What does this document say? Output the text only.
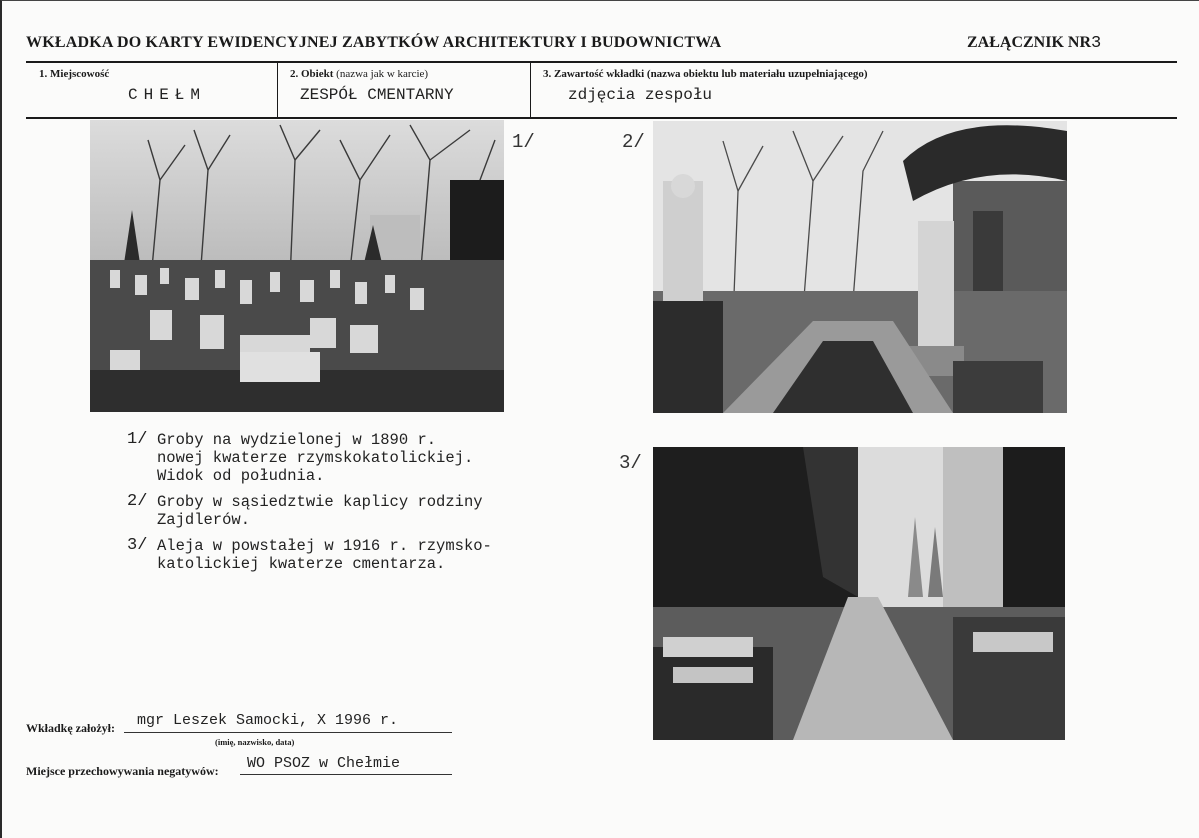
WKŁADKA DO KARTY EWIDENCYJNEJ ZABYTKÓW ARCHITEKTURY I BUDOWNICTWA	ZAŁĄCZNIK NR3
1. Miejscowość
CHEŁM
2. Obiekt (nazwa jak w karcie)
ZESPÓŁ CMENTARNY
3. Zawartość wkładki (nazwa obiektu lub materiału uzupełniającego)
zdjęcia zespołu
1/	2/
3/
1/ Groby na wydzielonej w 1890 r.
nowej kwaterze rzymskokatolickiej.
Widok od południa.
2/ Groby w sąsiedztwie kaplicy rodziny
Zajdlerów.
3/ Aleja w powstałej w 1916 r. rzymsko-
katolickiej kwaterze cmentarza.
Wkładkę założył: mgr Leszek Samocki, X 1996 r.
(imię, nazwisko, data)
Miejsce przechowywania negatywów: WO PSOZ w Chełmie
